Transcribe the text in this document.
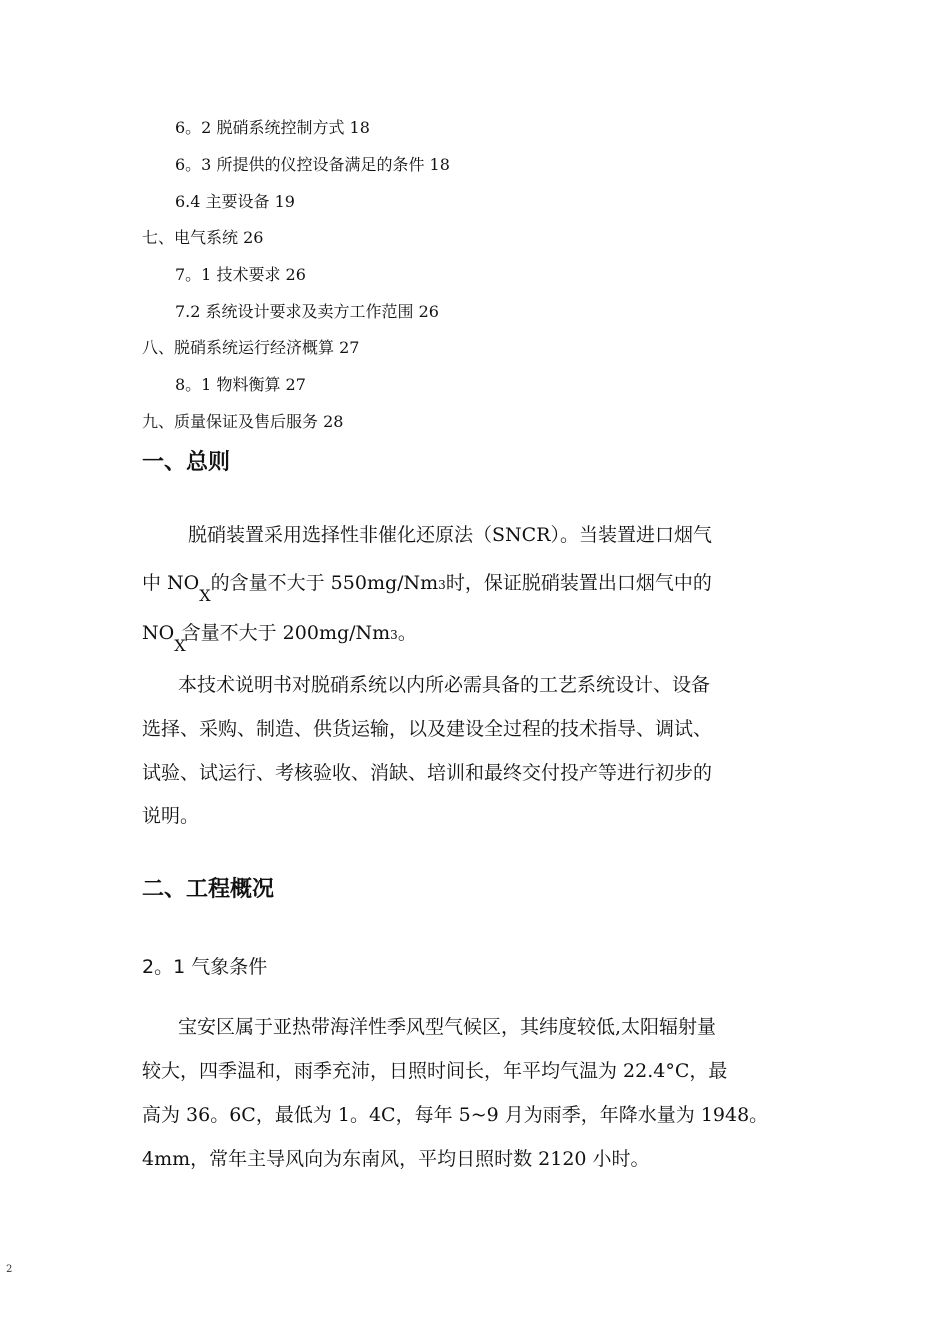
6。2 脱硝系统控制方式 18
6。3 所提供的仪控设备满足的条件 18
6.4 主要设备 19
七、电气系统 26
7。1 技术要求 26
7.2 系统设计要求及卖方工作范围 26
八、脱硝系统运行经济概算 27
8。1 物料衡算 27
九、质量保证及售后服务 28
一、总则
脱硝装置采用选择性非催化还原法（SNCR）。当装置进口烟气
中 $NO_X$的含量不大于 550mg/Nm3时，保证脱硝装置出口烟气中的
NO $_X$含量不大于 200mg/Nm3。
本技术说明书对脱硝系统以内所必需具备的工艺系统设计、设备
选择、采购、制造、供货运输，以及建设全过程的技术指导、调试、
试验、试运行、考核验收、消缺、培训和最终交付投产等进行初步的
说明。
二、工程概况
2。1 气象条件
宝安区属于亚热带海洋性季风型气候区，其纬度较低,太阳辐射量
较大，四季温和，雨季充沛，日照时间长，年平均气温为 22.4°C，最
高为 36。6C，最低为 1。4C，每年 5~9 月为雨季，年降水量为 1948。
4mm，常年主导风向为东南风，平均日照时数 2120 小时。
2
